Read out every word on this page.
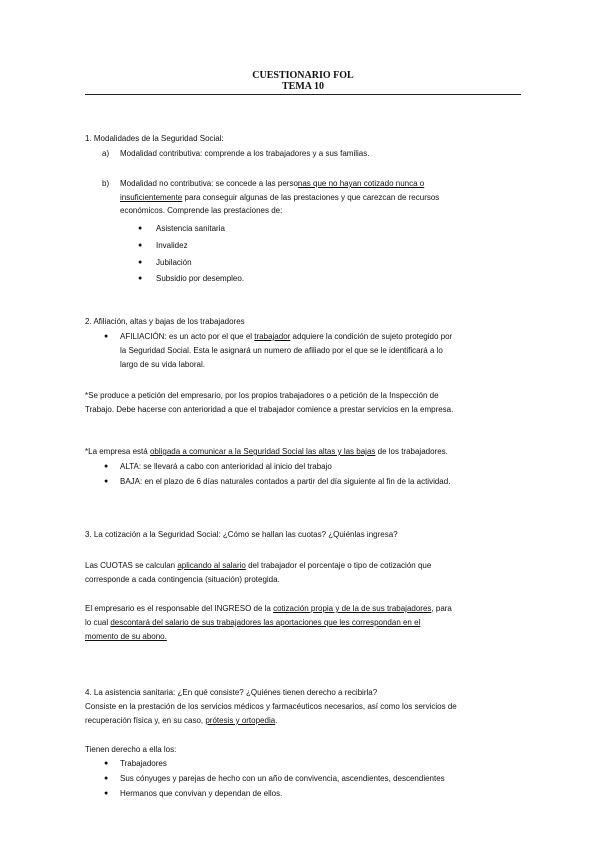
CUESTIONARIO FOL
TEMA 10
1. Modalidades de la Seguridad Social:
a) Modalidad contributiva: comprende a los trabajadores y a sus familias.
b) Modalidad no contributiva: se concede a las personas que no hayan cotizado nunca o
insuficientemente para conseguir algunas de las prestaciones y que carezcan de recursos
económicos. Comprende las prestaciones de:
● Asistencia sanitaria
● Invalidez
● Jubilación
● Subsidio por desempleo.
2. Afiliación, altas y bajas de los trabajadores
● AFILIACIÓN: es un acto por el que el trabajador adquiere la condición de sujeto protegido por
la Seguridad Social. Esta le asignará un numero de afiliado por el que se le identificará a lo
largo de su vida laboral.
*Se produce a petición del empresario, por los propios trabajadores o a petición de la Inspección de
Trabajo. Debe hacerse con anterioridad a que el trabajador comience a prestar servicios en la empresa.
*La empresa está obligada a comunicar a la Seguridad Social las altas y las bajas de los trabajadores.
● ALTA: se llevará a cabo con anterioridad al inicio del trabajo
● BAJA: en el plazo de 6 días naturales contados a partir del día siguiente al fin de la actividad.
3. La cotización a la Seguridad Social: ¿Cómo se hallan las cuotas? ¿Quiénlas ingresa?
Las CUOTAS se calculan aplicando al salario del trabajador el porcentaje o tipo de cotización que
corresponde a cada contingencia (situación) protegida.
El empresario es el responsable del INGRESO de la cotización propia y de la de sus trabajadores, para
lo cual descontará del salario de sus trabajadores las aportaciones que les correspondan en el
momento de su abono.
4. La asistencia sanitaria: ¿En qué consiste? ¿Quiénes tienen derecho a recibirla?
Consiste en la prestación de los servicios médicos y farmacéuticos necesarios, así como los servicios de
recuperación física y, en su caso, prótesis y ortopedia.
Tienen derecho a ella los:
● Trabajadores
● Sus cónyuges y parejas de hecho con un año de convivencia, ascendientes, descendientes
● Hermanos que convivan y dependan de ellos.
